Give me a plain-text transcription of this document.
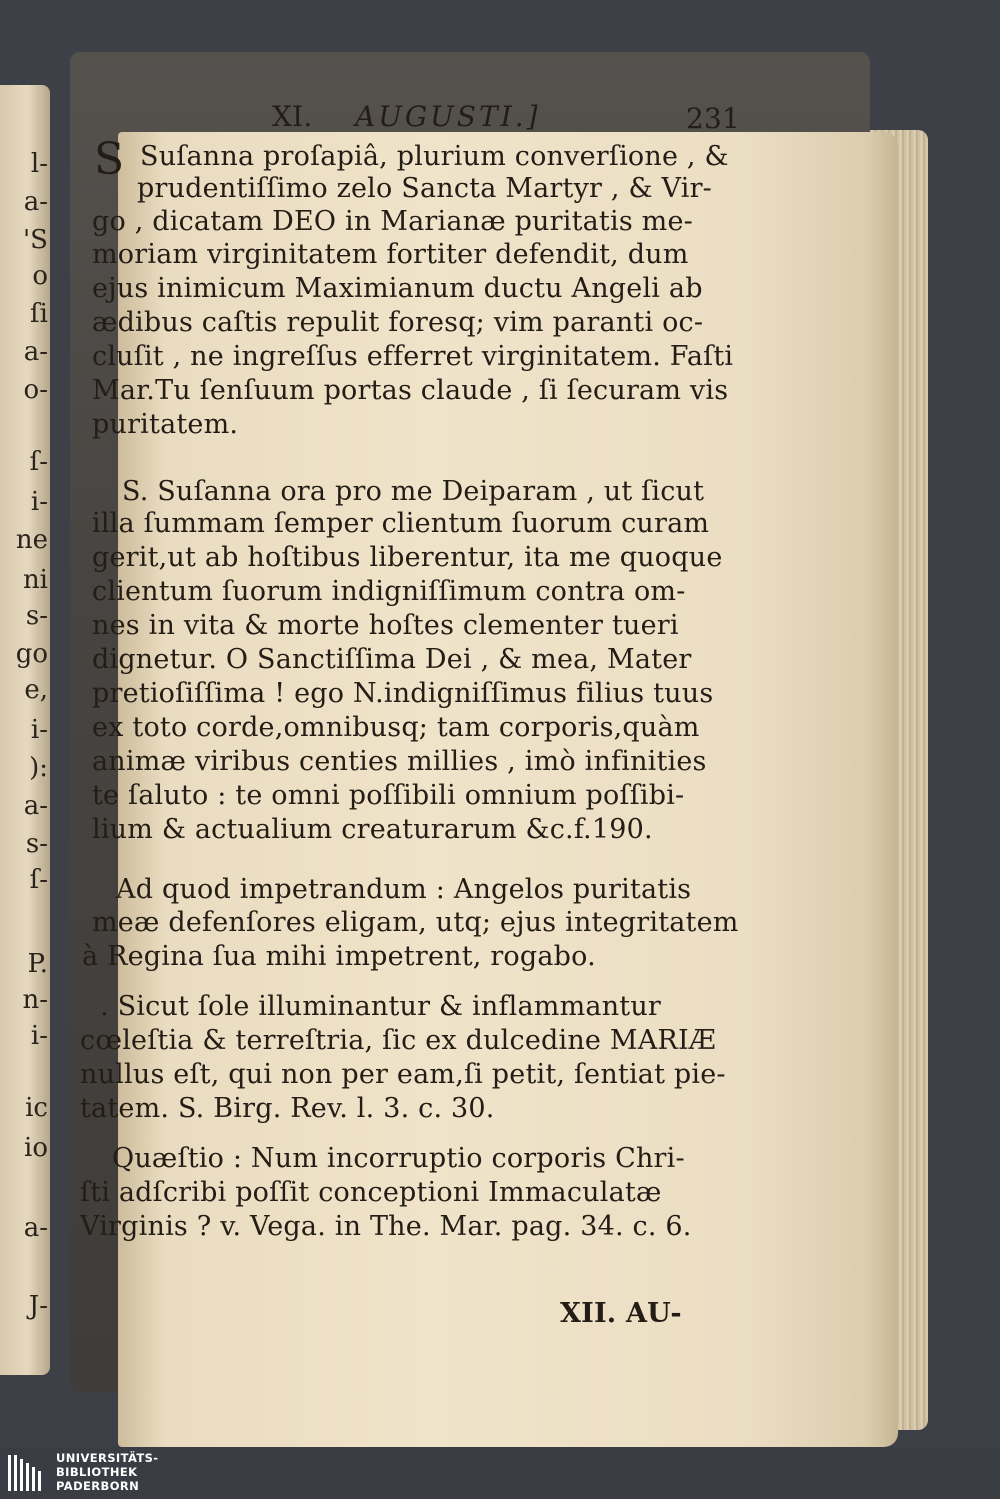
l-
a-
'S
o
ſi
a-
o-
ſ-
i-
ne
ni
s-
go
e,
i-
):
a-
s-
ſ-
P.
n-
i-
ic
io
a-
J-
XI. AUGUSTI.]	231
S Suſanna proſapiâ, plurium converſione , &
prudentiſſimo zelo Sancta Martyr , & Vir-
go , dicatam DEO in Marianæ puritatis me-
moriam virginitatem fortiter defendit, dum
ejus inimicum Maximianum ductu Angeli ab
ædibus caſtis repulit foresq; vim paranti oc-
cluſit , ne ingreſſus efferret virginitatem. Faſti
Mar.Tu ſenſuum portas claude , ſi ſecuram vis
puritatem.
S. Suſanna ora pro me Deiparam , ut ſicut
illa ſummam ſemper clientum ſuorum curam
gerit,ut ab hoſtibus liberentur, ita me quoque
clientum ſuorum indigniſſimum contra om-
nes in vita & morte hoſtes clementer tueri
dignetur. O Sanctiſſima Dei , & mea, Mater
pretioſiſſima ! ego N.indigniſſimus filius tuus
ex toto corde,omnibusq; tam corporis,quàm
animæ viribus centies millies , imò infinities
te ſaluto : te omni poſſibili omnium poſſibi-
lium & actualium creaturarum &c.f.190.
Ad quod impetrandum : Angelos puritatis
meæ defenſores eligam, utq; ejus integritatem
à Regina ſua mihi impetrent, rogabo.
. Sicut ſole illuminantur & inflammantur
cœleſtia & terreſtria, ſic ex dulcedine MARIÆ
nullus eſt, qui non per eam,ſi petit, ſentiat pie-
tatem. S. Birg. Rev. l. 3. c. 30.
Quæſtio : Num incorruptio corporis Chri-
ſti adſcribi poſſit conceptioni Immaculatæ
Virginis ? v. Vega. in The. Mar. pag. 34. c. 6.
XII. AU-
UNIVERSITÄTS-
BIBLIOTHEK
PADERBORN
